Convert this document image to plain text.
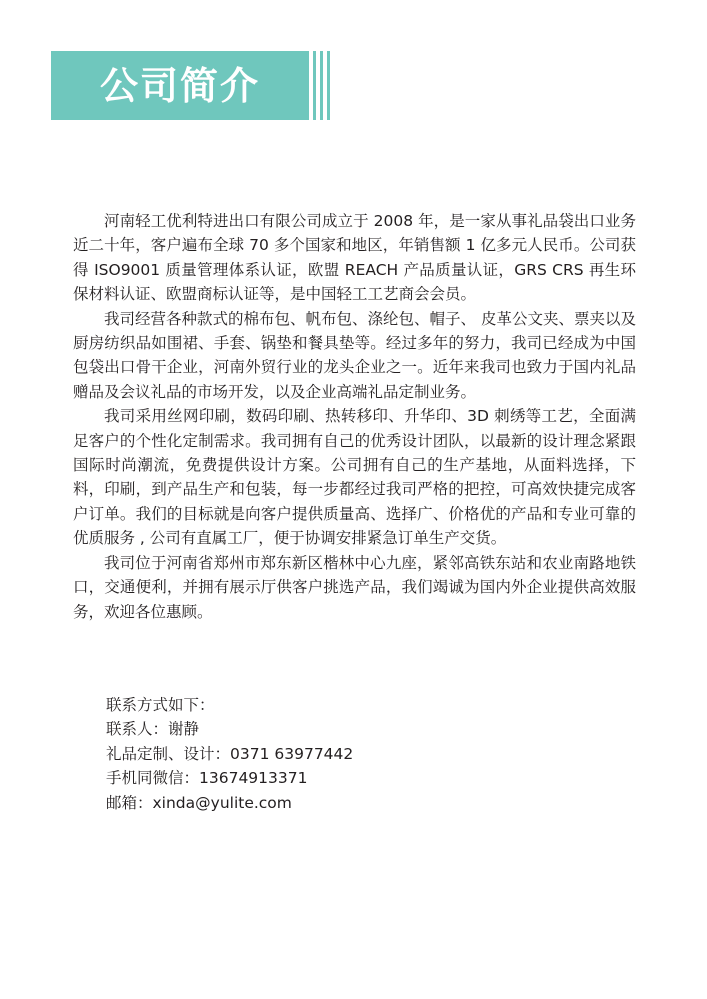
公司简介

河南轻工优利特进出口有限公司成立于 2008 年，是一家从事礼品袋出口业务近二十年，客户遍布全球 70 多个国家和地区，年销售额 1 亿多元人民币。公司获得 ISO9001 质量管理体系认证，欧盟 REACH 产品质量认证，GRS CRS 再生环保材料认证、欧盟商标认证等，是中国轻工工艺商会会员。

我司经营各种款式的棉布包、帆布包、涤纶包、帽子、 皮革公文夹、票夹以及厨房纺织品如围裙、手套、锅垫和餐具垫等。经过多年的努力，我司已经成为中国包袋出口骨干企业，河南外贸行业的龙头企业之一。近年来我司也致力于国内礼品赠品及会议礼品的市场开发，以及企业高端礼品定制业务。

我司采用丝网印刷，数码印刷、热转移印、升华印、3D 刺绣等工艺，全面满足客户的个性化定制需求。我司拥有自己的优秀设计团队，以最新的设计理念紧跟国际时尚潮流，免费提供设计方案。公司拥有自己的生产基地，从面料选择，下料，印刷，到产品生产和包装，每一步都经过我司严格的把控，可高效快捷完成客户订单。我们的目标就是向客户提供质量高、选择广、价格优的产品和专业可靠的优质服务 , 公司有直属工厂，便于协调安排紧急订单生产交货。

我司位于河南省郑州市郑东新区楷林中心九座，紧邻高铁东站和农业南路地铁口，交通便利，并拥有展示厅供客户挑选产品，我们竭诚为国内外企业提供高效服务，欢迎各位惠顾。

联系方式如下：
联系人：谢静
礼品定制、设计：0371 63977442
手机同微信：13674913371
邮箱：xinda@yulite.com
